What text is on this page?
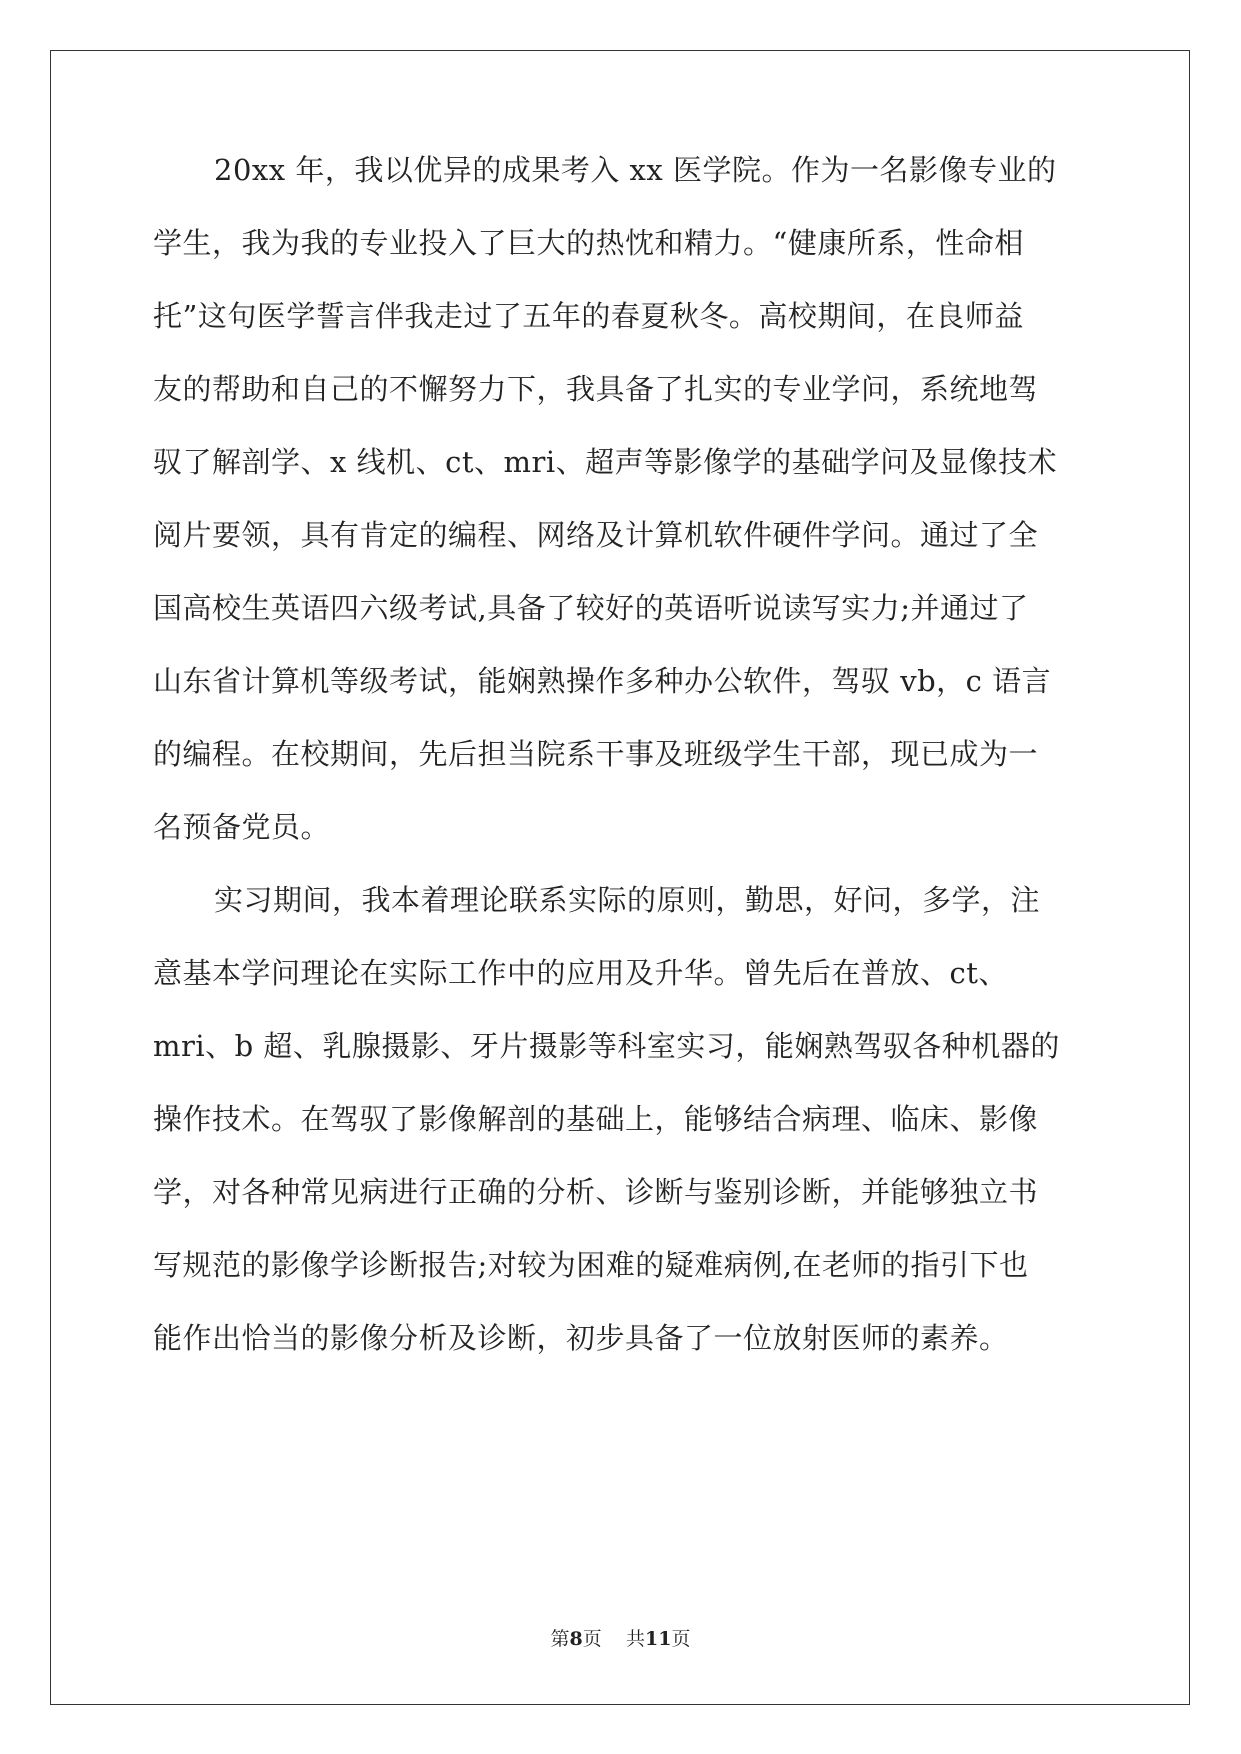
20xx 年，我以优异的成果考入 xx 医学院。作为一名影像专业的
学生，我为我的专业投入了巨大的热忱和精力。“健康所系，性命相
托”这句医学誓言伴我走过了五年的春夏秋冬。高校期间，在良师益
友的帮助和自己的不懈努力下，我具备了扎实的专业学问，系统地驾
驭了解剖学、x 线机、ct、mri、超声等影像学的基础学问及显像技术
阅片要领，具有肯定的编程、网络及计算机软件硬件学问。通过了全
国高校生英语四六级考试,具备了较好的英语听说读写实力;并通过了
山东省计算机等级考试，能娴熟操作多种办公软件，驾驭 vb，c 语言
的编程。在校期间，先后担当院系干事及班级学生干部，现已成为一
名预备党员。
实习期间，我本着理论联系实际的原则，勤思，好问，多学，注
意基本学问理论在实际工作中的应用及升华。曾先后在普放、ct、
mri、b 超、乳腺摄影、牙片摄影等科室实习，能娴熟驾驭各种机器的
操作技术。在驾驭了影像解剖的基础上，能够结合病理、临床、影像
学，对各种常见病进行正确的分析、诊断与鉴别诊断，并能够独立书
写规范的影像学诊断报告;对较为困难的疑难病例,在老师的指引下也
能作出恰当的影像分析及诊断，初步具备了一位放射医师的素养。
第8页 共11页
